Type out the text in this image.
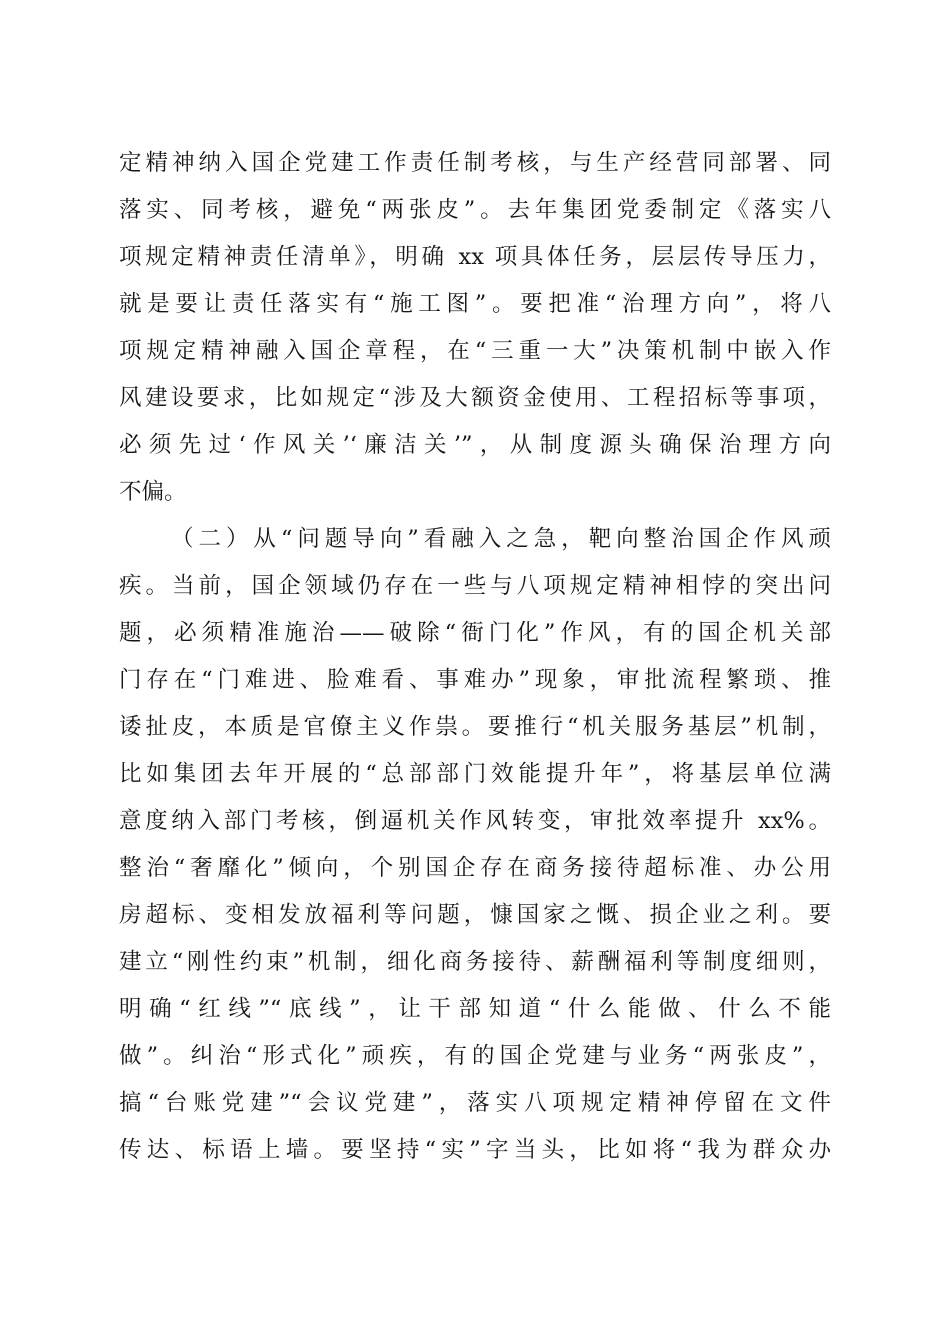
定精神纳入国企党建工作责任制考核，与生产经营同部署、同
落实、同考核，避免“两张皮”。去年集团党委制定《落实八
项规定精神责任清单》，明确 xx 项具体任务，层层传导压力，
就是要让责任落实有“施工图”。要把准“治理方向”，将八
项规定精神融入国企章程，在“三重一大”决策机制中嵌入作
风建设要求，比如规定“涉及大额资金使用、工程招标等事项，
必须先过‘作风关’‘廉洁关’”，从制度源头确保治理方向
不偏。
（二）从“问题导向”看融入之急，靶向整治国企作风顽
疾。当前，国企领域仍存在一些与八项规定精神相悖的突出问
题，必须精准施治——破除“衙门化”作风，有的国企机关部
门存在“门难进、脸难看、事难办”现象，审批流程繁琐、推
诿扯皮，本质是官僚主义作祟。要推行“机关服务基层”机制，
比如集团去年开展的“总部部门效能提升年”，将基层单位满
意度纳入部门考核，倒逼机关作风转变，审批效率提升 xx%。
整治“奢靡化”倾向，个别国企存在商务接待超标准、办公用
房超标、变相发放福利等问题，慷国家之慨、损企业之利。要
建立“刚性约束”机制，细化商务接待、薪酬福利等制度细则，
明确“红线”“底线”，让干部知道“什么能做、什么不能
做”。纠治“形式化”顽疾，有的国企党建与业务“两张皮”，
搞“台账党建”“会议党建”，落实八项规定精神停留在文件
传达、标语上墙。要坚持“实”字当头，比如将“我为群众办
